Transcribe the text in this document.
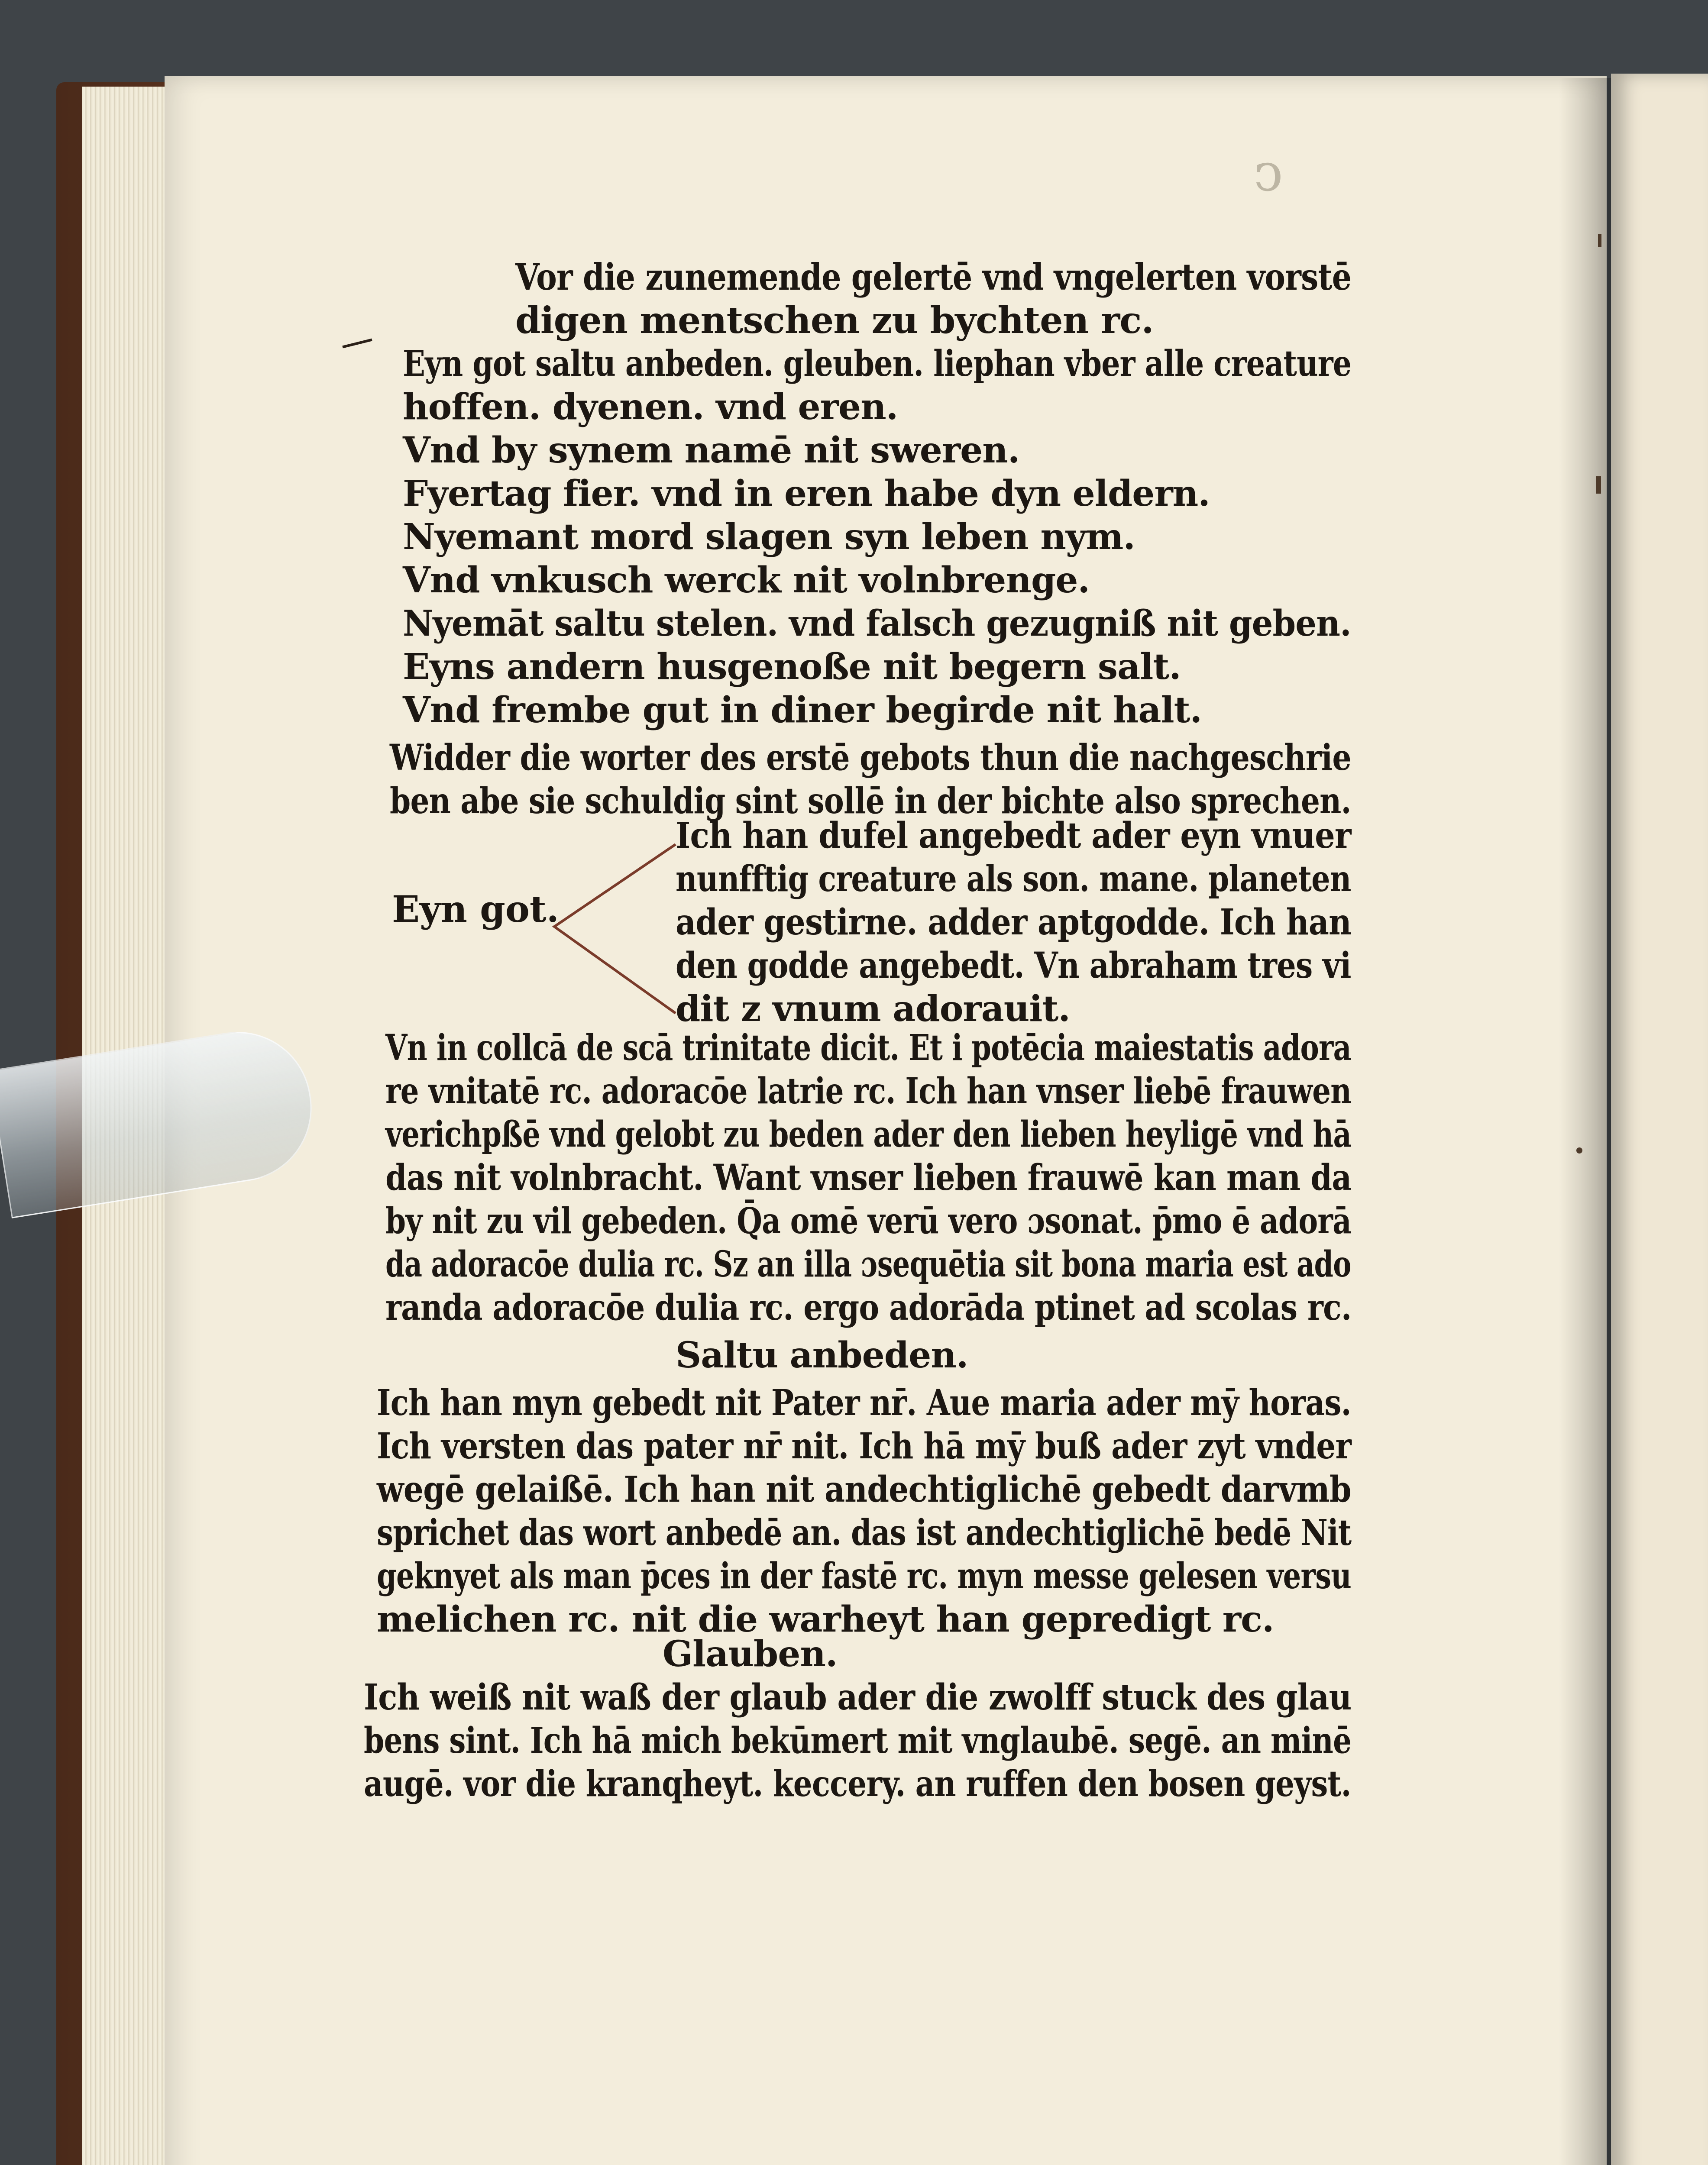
ↄ
Vor die zunemende gelertē vnd vngelerten vorstē
digen mentschen zu bychten rc.
Eyn got saltu anbeden. gleuben. liephan vber alle creature
hoffen. dyenen. vnd eren.
Vnd by synem namē nit sweren.
Fyertag fier. vnd in eren habe dyn eldern.
Nyemant mord slagen syn leben nym.
Vnd vnkusch werck nit volnbrenge.
Nyemāt saltu stelen. vnd falsch gezugniß nit geben.
Eyns andern husgenoße nit begern salt.
Vnd frembe gut in diner begirde nit halt.
Widder die worter des erstē gebots thun die nachgeschrie
ben abe sie schuldig sint sollē in der bichte also sprechen.
Eyn got.
Ich han dufel angebedt ader eyn vnuer
nunfftig creature als son. mane. planeten
ader gestirne. adder aptgodde. Ich han
den godde angebedt. Vn abraham tres vi
dit z vnum adorauit.
Vn in collcā de scā trinitate dicit. Et i potēcia maiestatis adora
re vnitatē rc. adoracōe latrie rc. Ich han vnser liebē frauwen
verichpßē vnd gelobt zu beden ader den lieben heyligē vnd hā
das nit volnbracht. Want vnser lieben frauwē kan man da
by nit zu vil gebeden. Q̄a omē verū vero ɔsonat. p̄mo ē adorā
da adoracōe dulia rc. Sz an illa ɔsequētia sit bona maria est ado
randa adoracōe dulia rc. ergo adorāda ptinet ad scolas rc.
Saltu anbeden.
Ich han myn gebedt nit Pater nr̄. Aue maria ader mȳ horas.
Ich versten das pater nr̄ nit. Ich hā mȳ buß ader zyt vnder
wegē gelaißē. Ich han nit andechtiglichē gebedt darvmb
sprichet das wort anbedē an. das ist andechtiglichē bedē Nit
geknyet als man p̄ces in der fastē rc. myn messe gelesen versu
melichen rc. nit die warheyt han gepredigt rc.
Glauben.
Ich weiß nit waß der glaub ader die zwolff stuck des glau
bens sint. Ich hā mich bekūmert mit vnglaubē. segē. an minē
augē. vor die kranqheyt. keccery. an ruffen den bosen geyst.
